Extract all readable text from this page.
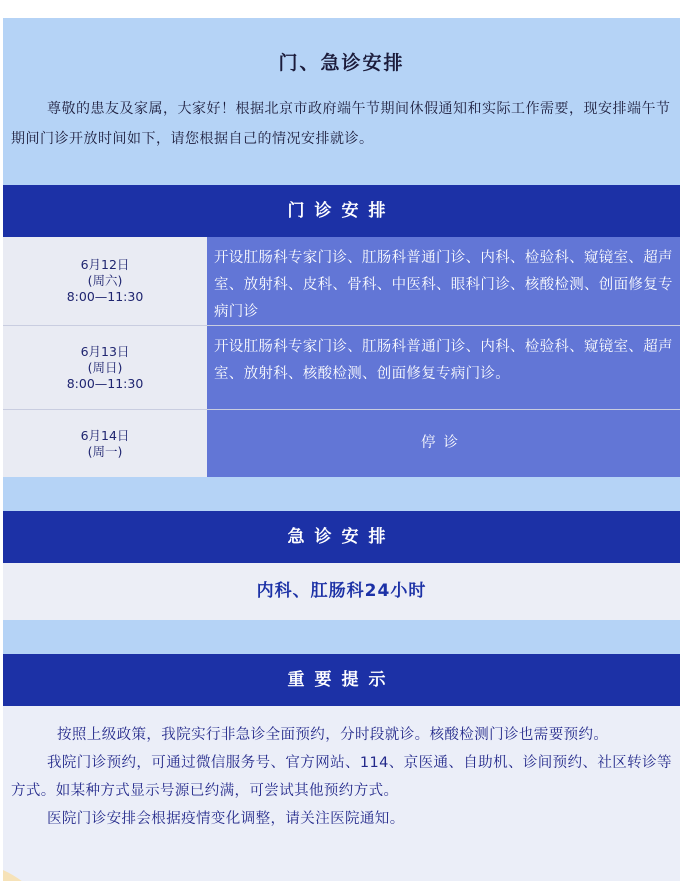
门、急诊安排

尊敬的患友及家属，大家好！根据北京市政府端午节期间休假通知和实际工作需要，现安排端午节期间门诊开放时间如下，请您根据自己的情况安排就诊。

门诊安排
6月12日
(周六)
8:00—11:30
开设肛肠科专家门诊、肛肠科普通门诊、内科、检验科、窥镜室、超声室、放射科、皮科、骨科、中医科、眼科门诊、核酸检测、创面修复专病门诊
6月13日
(周日)
8:00—11:30
开设肛肠科专家门诊、肛肠科普通门诊、内科、检验科、窥镜室、超声室、放射科、核酸检测、创面修复专病门诊。
6月14日
(周一)	停诊
急诊安排
内科、肛肠科24小时
重要提示

按照上级政策，我院实行非急诊全面预约，分时段就诊。核酸检测门诊也需要预约。

我院门诊预约，可通过微信服务号、官方网站、114、京医通、自助机、诊间预约、社区转诊等方式。如某种方式显示号源已约满，可尝试其他预约方式。

医院门诊安排会根据疫情变化调整，请关注医院通知。
